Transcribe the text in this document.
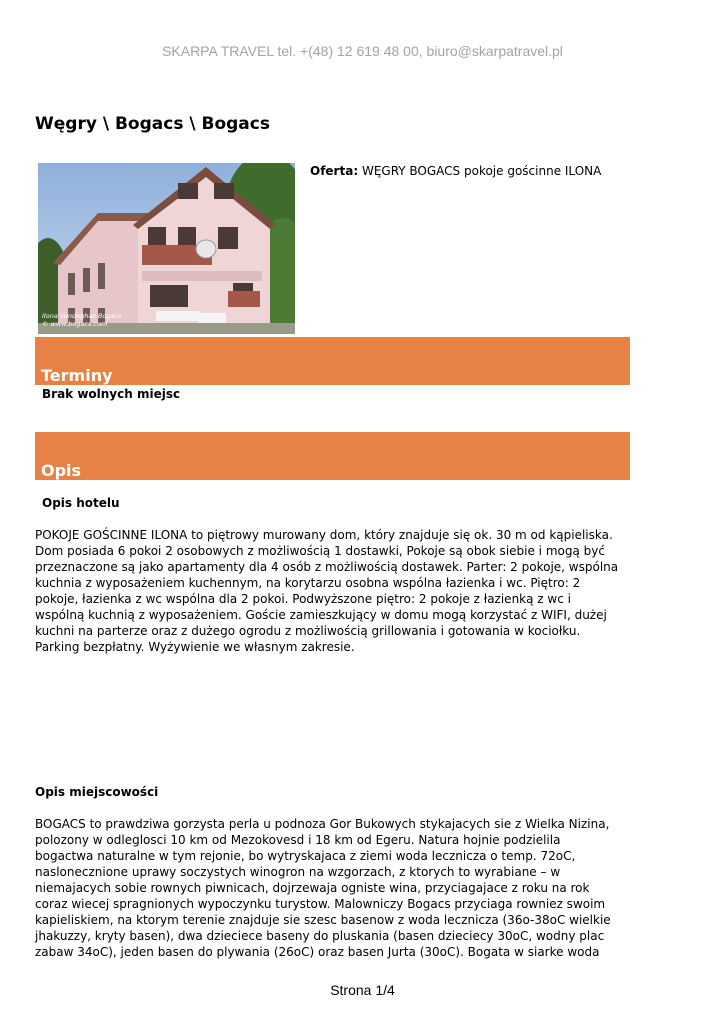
SKARPA TRAVEL tel. +(48) 12 619 48 00, biuro@skarpatravel.pl
Węgry \ Bogacs \ Bogacs
Ilona Vendeghaz Bogacs
© www.bogacs.com
Oferta: WĘGRY BOGACS pokoje gościnne ILONA
Terminy
Brak wolnych miejsc
Opis
Opis hotelu
POKOJE GOŚCINNE ILONA to piętrowy murowany dom, który znajduje się ok. 30 m od kąpieliska.
Dom posiada 6 pokoi 2 osobowych z możliwością 1 dostawki, Pokoje są obok siebie i mogą być
przeznaczone są jako apartamenty dla 4 osób z możliwością dostawek. Parter: 2 pokoje, wspólna
kuchnia z wyposażeniem kuchennym, na korytarzu osobna wspólna łazienka i wc. Piętro: 2
pokoje, łazienka z wc wspólna dla 2 pokoi. Podwyższone piętro: 2 pokoje z łazienką z wc i
wspólną kuchnią z wyposażeniem. Goście zamieszkujący w domu mogą korzystać z WIFI, dużej
kuchni na parterze oraz z dużego ogrodu z możliwością grillowania i gotowania w kociołku.
Parking bezpłatny. Wyżywienie we własnym zakresie.
Opis miejscowości
BOGACS to prawdziwa gorzysta perla u podnoza Gor Bukowych stykajacych sie z Wielka Nizina,
polozony w odleglosci 10 km od Mezokovesd i 18 km od Egeru. Natura hojnie podzielila
bogactwa naturalne w tym rejonie, bo wytryskajaca z ziemi woda lecznicza o temp. 72oC,
naslonecznione uprawy soczystych winogron na wzgorzach, z ktorych to wyrabiane – w
niemajacych sobie rownych piwnicach, dojrzewaja ogniste wina, przyciagajace z roku na rok
coraz wiecej spragnionych wypoczynku turystow. Malowniczy Bogacs przyciaga rowniez swoim
kapieliskiem, na ktorym terenie znajduje sie szesc basenow z woda lecznicza (36o-38oC wielkie
jhakuzzy, kryty basen), dwa dzieciece baseny do pluskania (basen dzieciecy 30oC, wodny plac
zabaw 34oC), jeden basen do plywania (26oC) oraz basen Jurta (30oC). Bogata w siarke woda
Strona 1/4
